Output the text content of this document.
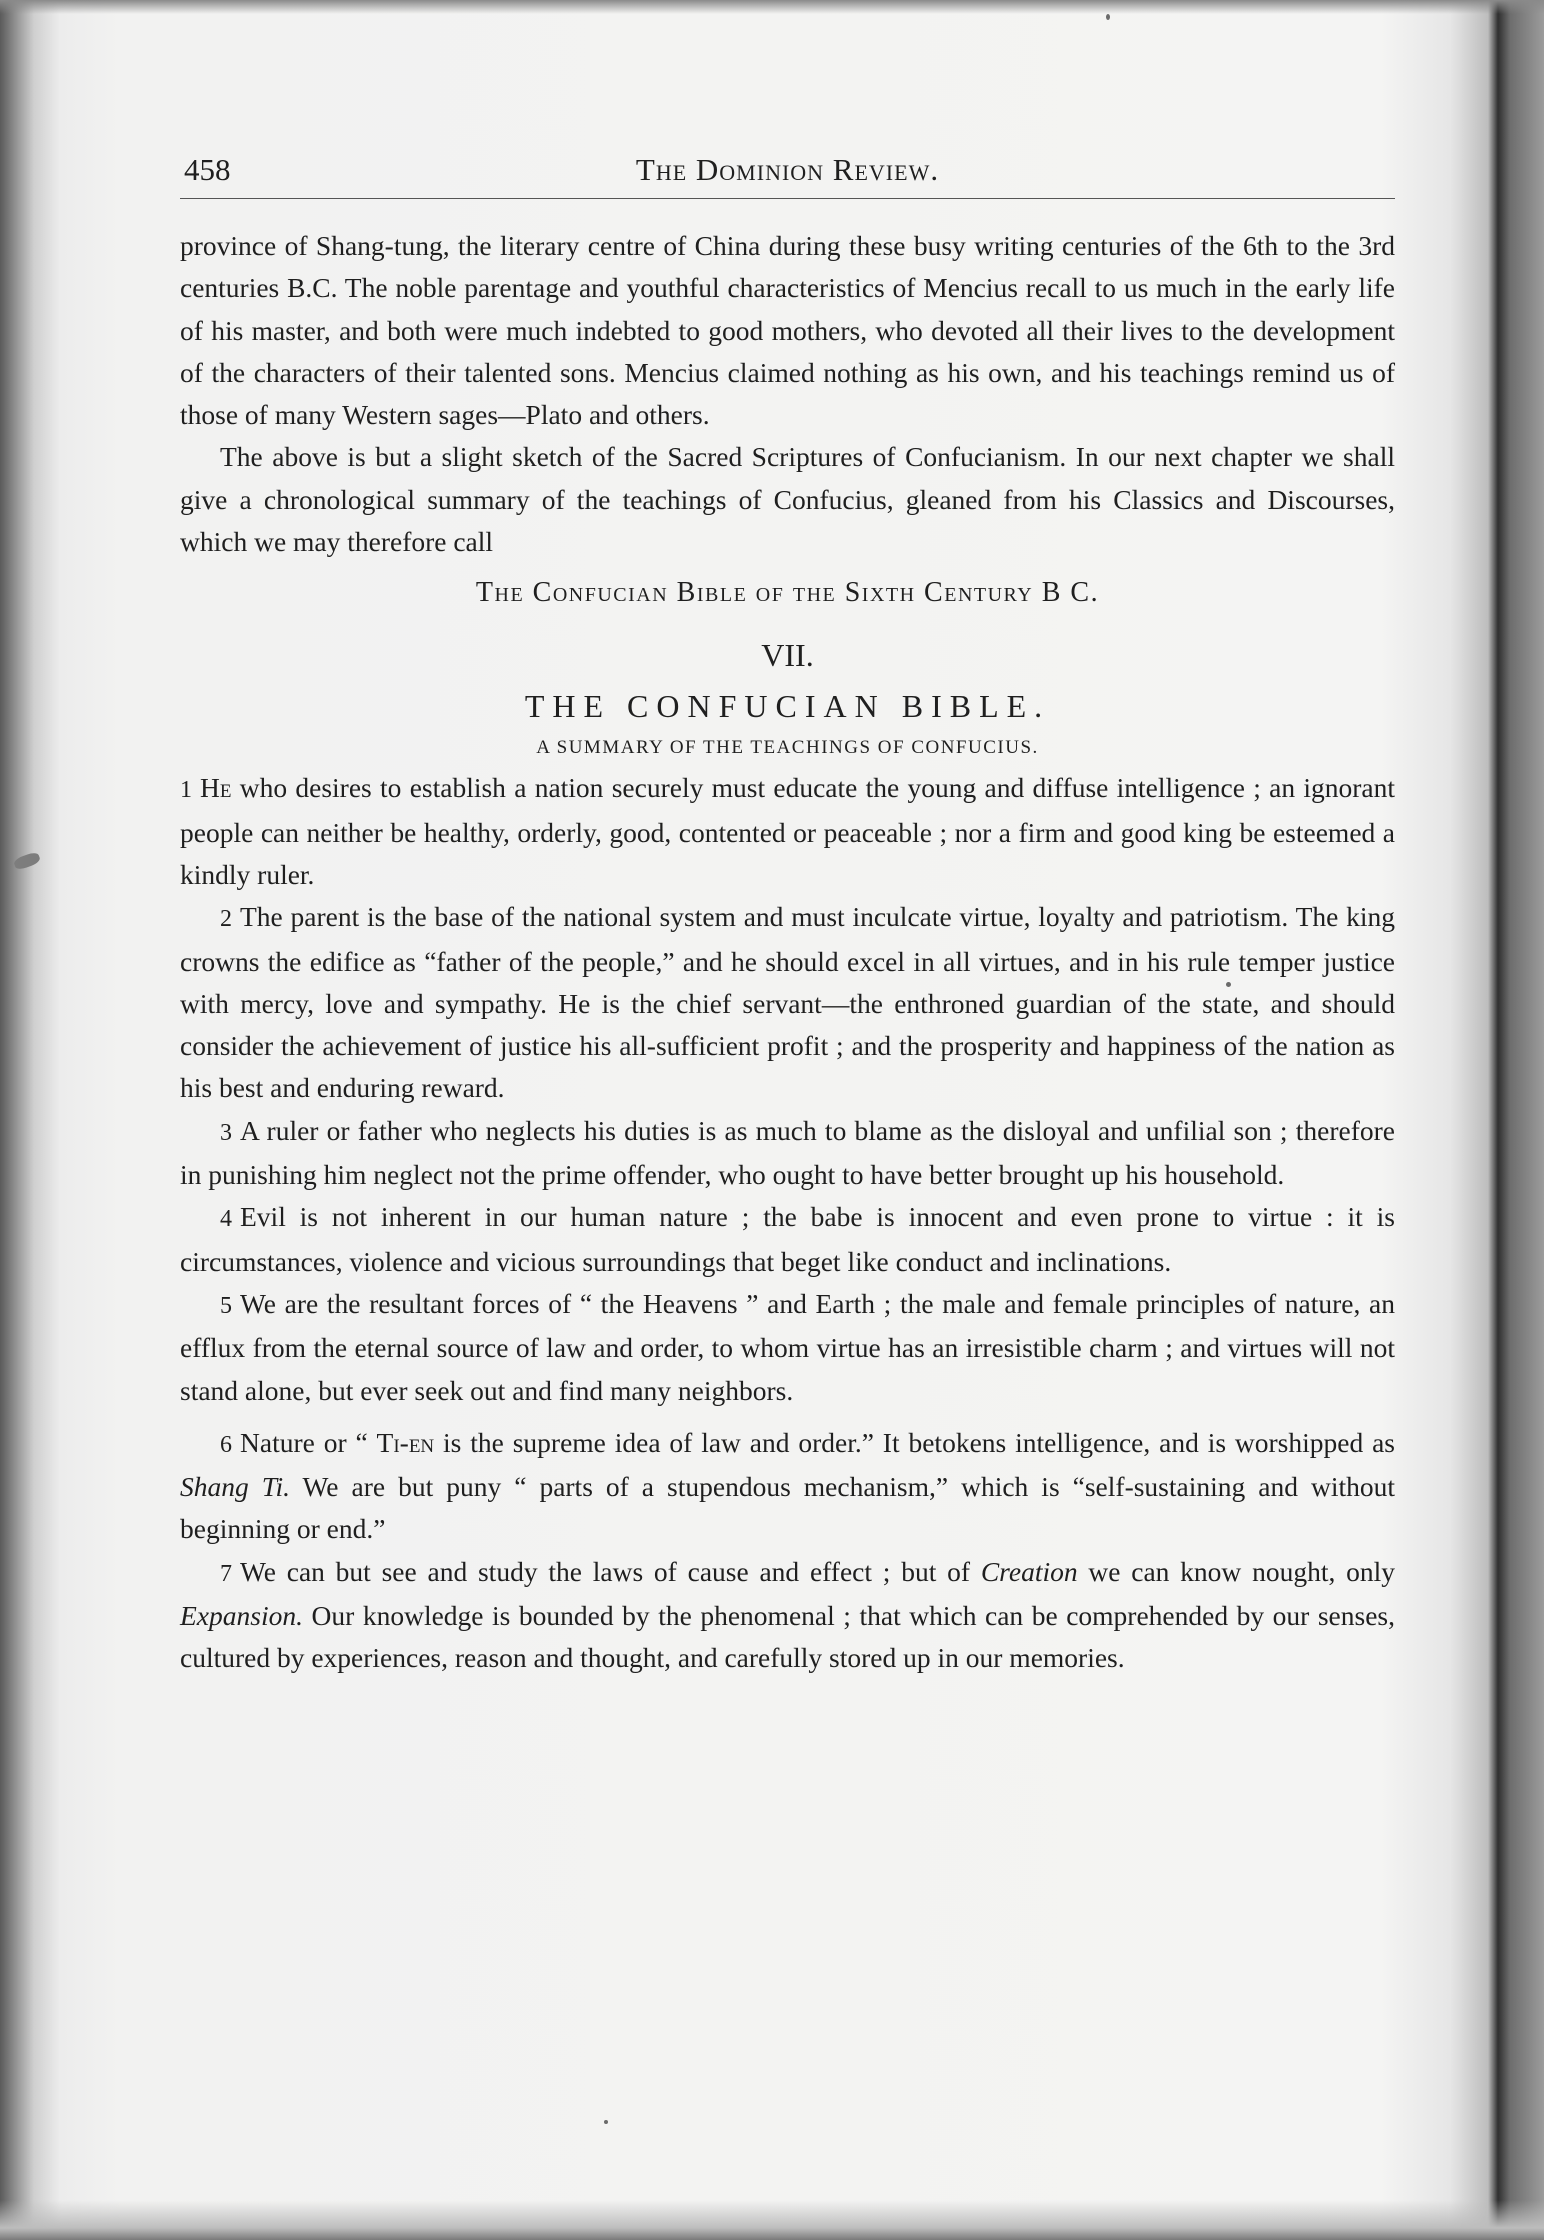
458	The Dominion Review.

province of Shang-tung, the literary centre of China during these busy writing centuries of the 6th to the 3rd centuries B.C. The noble parentage and youthful characteristics of Mencius recall to us much in the early life of his master, and both were much indebted to good mothers, who devoted all their lives to the development of the characters of their talented sons. Mencius claimed nothing as his own, and his teachings remind us of those of many Western sages—Plato and others.

The above is but a slight sketch of the Sacred Scriptures of Confucianism. In our next chapter we shall give a chronological summary of the teachings of Confucius, gleaned from his Classics and Discourses, which we may therefore call

The Confucian Bible of the Sixth Century B C.
VII.
THE CONFUCIAN BIBLE.
A SUMMARY OF THE TEACHINGS OF CONFUCIUS.

1 He who desires to establish a nation securely must educate the young and diffuse intelligence ; an ignorant people can neither be healthy, orderly, good, contented or peaceable ; nor a firm and good king be esteemed a kindly ruler.

2 The parent is the base of the national system and must inculcate virtue, loyalty and patriotism. The king crowns the edifice as “father of the people,” and he should excel in all virtues, and in his rule temper justice with mercy, love and sympathy. He is the chief servant—the enthroned guardian of the state, and should consider the achievement of justice his all-sufficient profit ; and the prosperity and happiness of the nation as his best and enduring reward.

3 A ruler or father who neglects his duties is as much to blame as the disloyal and unfilial son ; therefore in punishing him neglect not the prime offender, who ought to have better brought up his household.

4 Evil is not inherent in our human nature ; the babe is innocent and even prone to virtue : it is circumstances, violence and vicious surroundings that beget like conduct and inclinations.

5 We are the resultant forces of “ the Heavens ” and Earth ; the male and female principles of nature, an efflux from the eternal source of law and order, to whom virtue has an irresistible charm ; and virtues will not stand alone, but ever seek out and find many neighbors.

6 Nature or “ Ti-en is the supreme idea of law and order.” It betokens intelligence, and is worshipped as Shang Ti. We are but puny “ parts of a stupendous mechanism,” which is “self-sustaining and without beginning or end.”

7 We can but see and study the laws of cause and effect ; but of Creation we can know nought, only Expansion. Our knowledge is bounded by the phenomenal ; that which can be comprehended by our senses, cultured by experiences, reason and thought, and carefully stored up in our memories.
